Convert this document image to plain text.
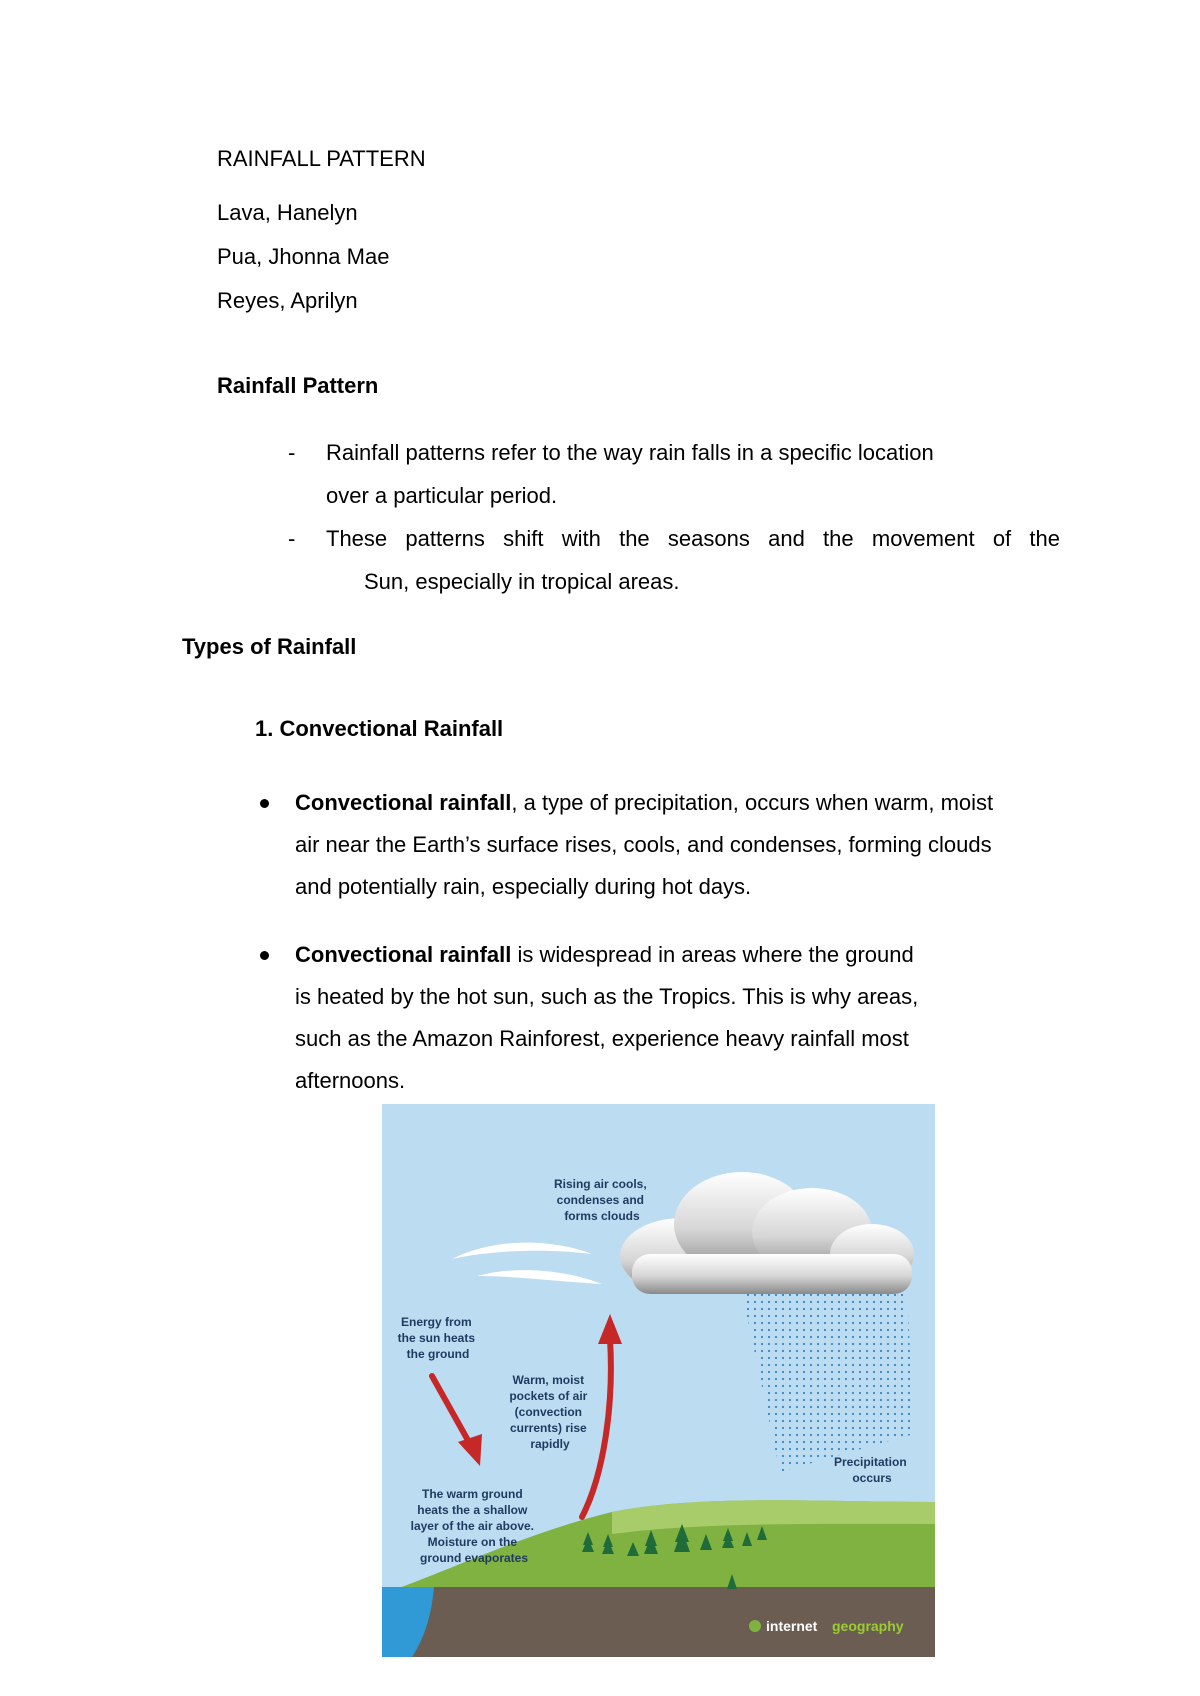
RAINFALL PATTERN
Lava, Hanelyn
Pua, Jhonna Mae
Reyes, Aprilyn
Rainfall Pattern
- Rainfall patterns refer to the way rain falls in a specific location
over a particular period.
- These patterns shift with the seasons and the movement of the
Sun, especially in tropical areas.
Types of Rainfall
1. Convectional Rainfall
Convectional rainfall, a type of precipitation, occurs when warm, moist
air near the Earth’s surface rises, cools, and condenses, forming clouds
and potentially rain, especially during hot days.
Convectional rainfall is widespread in areas where the ground
is heated by the hot sun, such as the Tropics. This is why areas,
such as the Amazon Rainforest, experience heavy rainfall most
afternoons.
Rising air cools, condenses and forms clouds
Energy from the sun heats the ground
Warm, moist pockets of air (convection currents) rise rapidly
Precipitation occurs
The warm ground heats the a shallow layer of the air above. Moisture on the ground evaporates
internet geography
